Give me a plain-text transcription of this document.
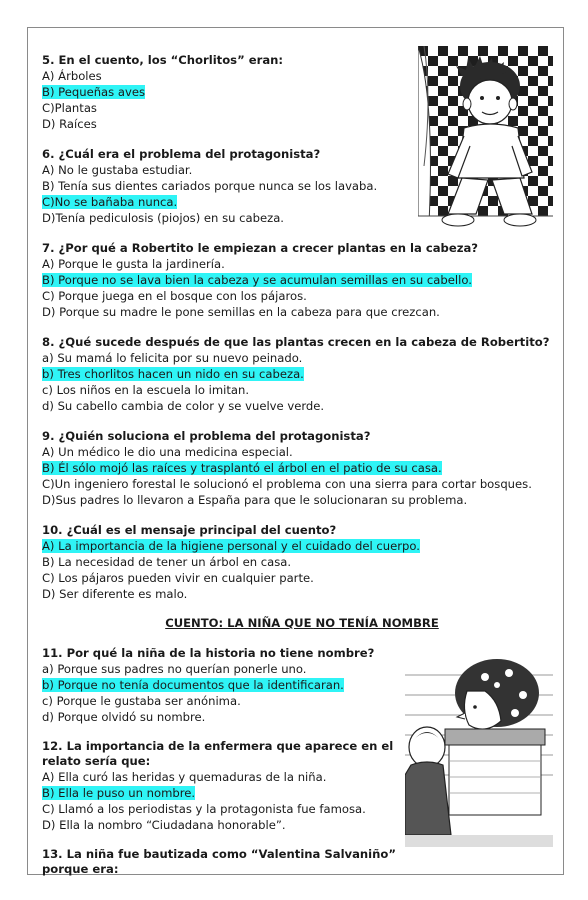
5. En el cuento, los “Chorlitos” eran:
A) Árboles
B) Pequeñas aves
C)Plantas
D) Raíces
6. ¿Cuál era el problema del protagonista?
A) No le gustaba estudiar.
B) Tenía sus dientes cariados porque nunca se los lavaba.
C)No se bañaba nunca.
D)Tenía pediculosis (piojos) en su cabeza.
7. ¿Por qué a Robertito le empiezan a crecer plantas en la cabeza?
A) Porque le gusta la jardinería.
B) Porque no se lava bien la cabeza y se acumulan semillas en su cabello.
C) Porque juega en el bosque con los pájaros.
D) Porque su madre le pone semillas en la cabeza para que crezcan.
8. ¿Qué sucede después de que las plantas crecen en la cabeza de Robertito?
a) Su mamá lo felicita por su nuevo peinado.
b) Tres chorlitos hacen un nido en su cabeza.
c) Los niños en la escuela lo imitan.
d) Su cabello cambia de color y se vuelve verde.
9. ¿Quién soluciona el problema del protagonista?
A) Un médico le dio una medicina especial.
B) Él sólo mojó las raíces y trasplantó el árbol en el patio de su casa.
C)Un ingeniero forestal le solucionó el problema con una sierra para cortar bosques.
D)Sus padres lo llevaron a España para que le solucionaran su problema.
10. ¿Cuál es el mensaje principal del cuento?
A) La importancia de la higiene personal y el cuidado del cuerpo.
B) La necesidad de tener un árbol en casa.
C) Los pájaros pueden vivir en cualquier parte.
D) Ser diferente es malo.
CUENTO: LA NIÑA QUE NO TENÍA NOMBRE
11. Por qué la niña de la historia no tiene nombre?
a) Porque sus padres no querían ponerle uno.
b) Porque no tenía documentos que la identificaran.
c) Porque le gustaba ser anónima.
d) Porque olvidó su nombre.
12. La importancia de la enfermera que aparece en el relato sería que:
A) Ella curó las heridas y quemaduras de la niña.
B) Ella le puso un nombre.
C) Llamó a los periodistas y la protagonista fue famosa.
D) Ella la nombro “Ciudadana honorable”.
13. La niña fue bautizada como “Valentina Salvaniño” porque era:
